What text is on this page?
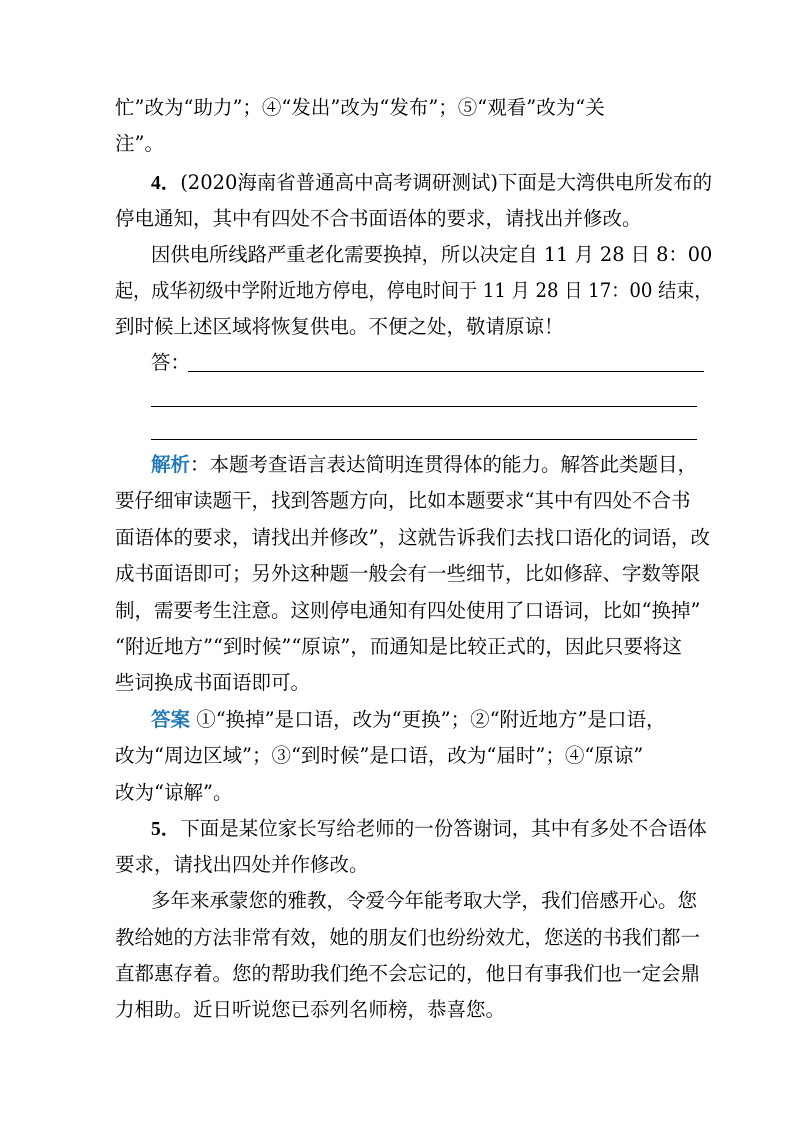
忙”改为“助力”；④“发出”改为“发布”；⑤“观看”改为“关

注”。

4．(2020海南省普通高中高考调研测试)下面是大湾供电所发布的

停电通知，其中有四处不合书面语体的要求，请找出并修改。

因供电所线路严重老化需要换掉，所以决定自 11 月 28 日 8：00

起，成华初级中学附近地方停电，停电时间于 11 月 28 日 17：00 结束，

到时候上述区域将恢复供电。不便之处，敬请原谅！

答：

解析：本题考查语言表达简明连贯得体的能力。解答此类题目，

要仔细审读题干，找到答题方向，比如本题要求“其中有四处不合书

面语体的要求，请找出并修改”，这就告诉我们去找口语化的词语，改

成书面语即可；另外这种题一般会有一些细节，比如修辞、字数等限

制，需要考生注意。这则停电通知有四处使用了口语词，比如“换掉”

“附近地方”“到时候”“原谅”，而通知是比较正式的，因此只要将这

些词换成书面语即可。

答案 ①“换掉”是口语，改为“更换”；②“附近地方”是口语，

改为“周边区域”；③“到时候”是口语，改为“届时”；④“原谅”

改为“谅解”。

5．下面是某位家长写给老师的一份答谢词，其中有多处不合语体

要求，请找出四处并作修改。

多年来承蒙您的雅教，令爱今年能考取大学，我们倍感开心。您

教给她的方法非常有效，她的朋友们也纷纷效尤，您送的书我们都一

直都惠存着。您的帮助我们绝不会忘记的，他日有事我们也一定会鼎

力相助。近日听说您已忝列名师榜，恭喜您。
